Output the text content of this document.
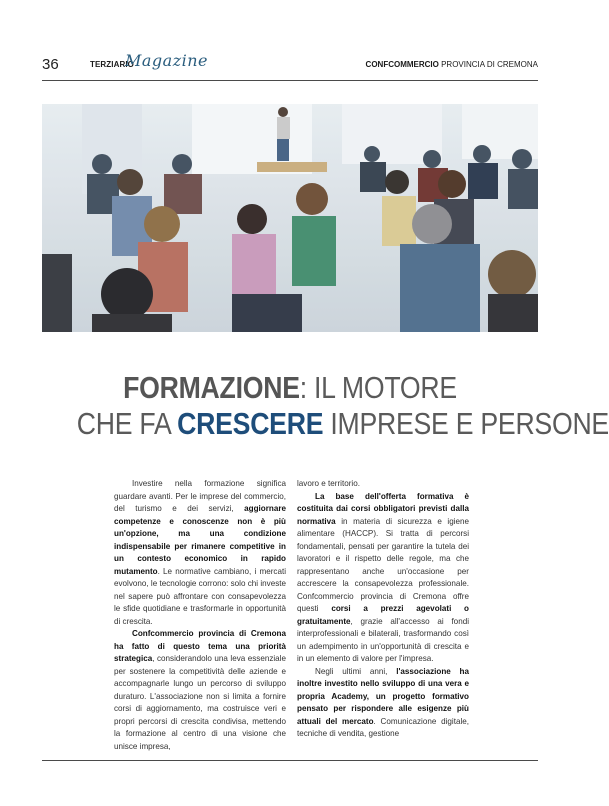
36	TERZIARIO
Magazine	CONFCOMMERCIO PROVINCIA DI CREMONA
FORMAZIONE: IL MOTORE
CHE FA CRESCERE IMPRESE E PERSONE

Investire nella formazione significa guardare avanti. Per le imprese del commercio, del turismo e dei servizi, aggiornare competenze e conoscenze non è più un'opzione, ma una condizione indispensabile per rimanere competitive in un contesto economico in rapido mutamento. Le normative cambiano, i mercati evolvono, le tecnologie corrono: solo chi investe nel sapere può affrontare con consapevolezza le sfide quotidiane e trasformarle in opportunità di crescita.

Confcommercio provincia di Cremona ha fatto di questo tema una priorità strategica, considerandolo una leva essenziale per sostenere la competitività delle aziende e accompagnarle lungo un percorso di sviluppo duraturo. L'associazione non si limita a fornire corsi di aggiornamento, ma costruisce veri e propri percorsi di crescita condivisa, mettendo la formazione al centro di una visione che unisce impresa,

lavoro e territorio.

La base dell'offerta formativa è costituita dai corsi obbligatori previsti dalla normativa in materia di sicurezza e igiene alimentare (HACCP). Si tratta di percorsi fondamentali, pensati per garantire la tutela dei lavoratori e il rispetto delle regole, ma che rappresentano anche un'occasione per accrescere la consapevolezza professionale. Confcommercio provincia di Cremona offre questi corsi a prezzi agevolati o gratuitamente, grazie all'accesso ai fondi interprofessionali e bilaterali, trasformando così un adempimento in un'opportunità di crescita e in un elemento di valore per l'impresa.

Negli ultimi anni, l'associazione ha inoltre investito nello sviluppo di una vera e propria Academy, un progetto formativo pensato per rispondere alle esigenze più attuali del mercato. Comunicazione digitale, tecniche di vendita, gestione
